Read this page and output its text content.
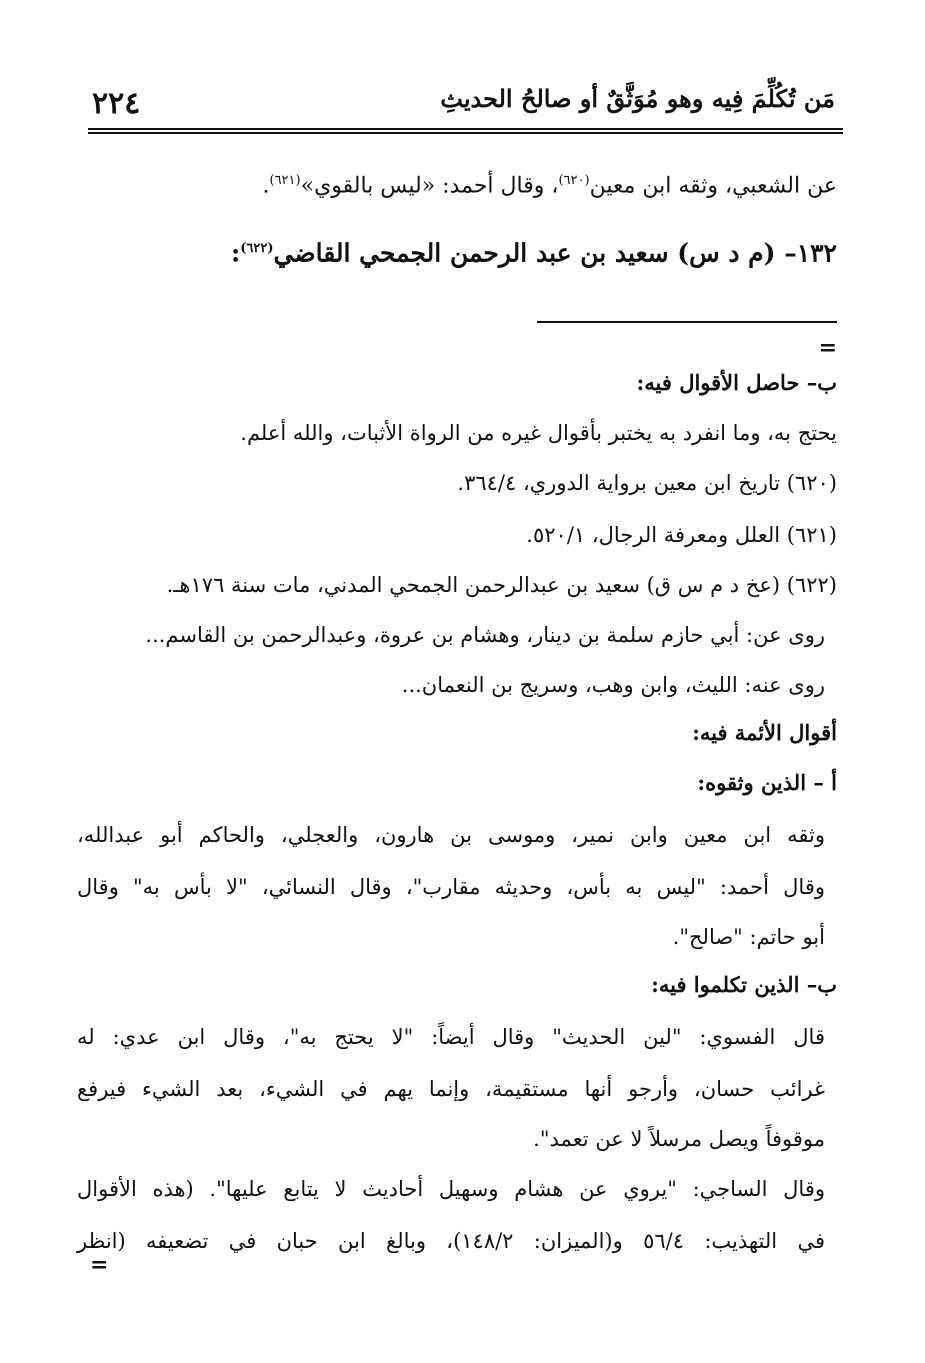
٢٢٤	مَن تُكُلِّمَ فِيه وهو مُوَثَّقٌ أو صالحُ الحديثِ
عن الشعبي، وثقه ابن معين$^{(٦٢٠)}$، وقال أحمد: «ليس بالقوي»$^{(٦٢١)}$.
١٣٢– (م د س) سعيد بن عبد الرحمن الجمحي القاضي$^{(٦٢٢)}$:
=
ب– حاصل الأقوال فيه:
يحتج به، وما انفرد به يختبر بأقوال غيره من الرواة الأثبات، والله أعلم.
(٦٢٠) تاريخ ابن معين برواية الدوري، ٣٦٤/٤.
(٦٢١) العلل ومعرفة الرجال، ٥٢٠/١.
(٦٢٢) (عخ د م س ق) سعيد بن عبدالرحمن الجمحي المدني، مات سنة ١٧٦هـ.
روى عن: أبي حازم سلمة بن دينار، وهشام بن عروة، وعبدالرحمن بن القاسم...
روى عنه: الليث، وابن وهب، وسريج بن النعمان...
أقوال الأئمة فيه:
أ – الذين وثقوه:
وثقه ابن معين وابن نمير، وموسى بن هارون، والعجلي، والحاكم أبو عبدالله،
وقال أحمد: "ليس به بأس، وحديثه مقارب"، وقال النسائي، "لا بأس به" وقال
أبو حاتم: "صالح".
ب– الذين تكلموا فيه:
قال الفسوي: "لين الحديث" وقال أيضاً: "لا يحتج به"، وقال ابن عدي: له
غرائب حسان، وأرجو أنها مستقيمة، وإنما يهم في الشيء، بعد الشيء فيرفع
موقوفاً ويصل مرسلاً لا عن تعمد".
وقال الساجي: "يروي عن هشام وسهيل أحاديث لا يتابع عليها". (هذه الأقوال
في التهذيب: ٥٦/٤ و(الميزان: ١٤٨/٢)، وبالغ ابن حبان في تضعيفه (انظر
=
